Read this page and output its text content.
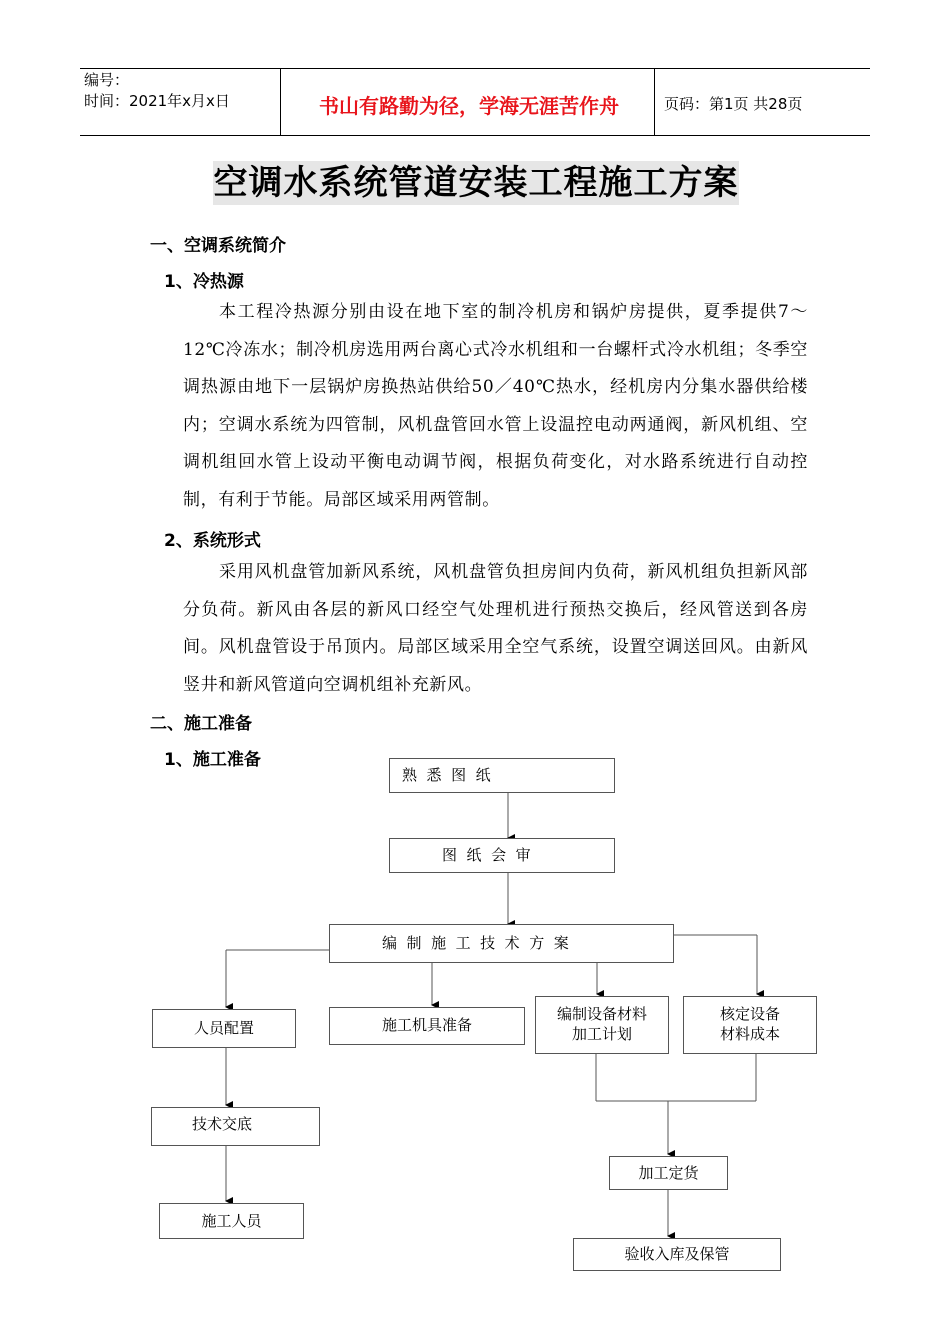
编号：
时间：2021年x月x日	书山有路勤为径，学海无涯苦作舟	页码：第1页 共28页
空调水系统管道安装工程施工方案
一、空调系统简介
1、冷热源

本工程冷热源分别由设在地下室的制冷机房和锅炉房提供，夏季提供7～12℃冷冻水；制冷机房选用两台离心式冷水机组和一台螺杆式冷水机组；冬季空调热源由地下一层锅炉房换热站供给50／40℃热水，经机房内分集水器供给楼内；空调水系统为四管制，风机盘管回水管上设温控电动两通阀，新风机组、空调机组回水管上设动平衡电动调节阀，根据负荷变化，对水路系统进行自动控制，有利于节能。局部区域采用两管制。

2、系统形式

采用风机盘管加新风系统，风机盘管负担房间内负荷，新风机组负担新风部分负荷。新风由各层的新风口经空气处理机进行预热交换后，经风管送到各房间。风机盘管设于吊顶内。局部区域采用全空气系统，设置空调送回风。由新风竖井和新风管道向空调机组补充新风。

二、施工准备
1、施工准备
熟  悉  图  纸
图  纸  会  审
编  制  施  工  技  术  方  案
人员配置	施工机具准备
编制设备材料
加工计划
核定设备
材料成本
技术交底
施工人员
加工定货
验收入库及保管
